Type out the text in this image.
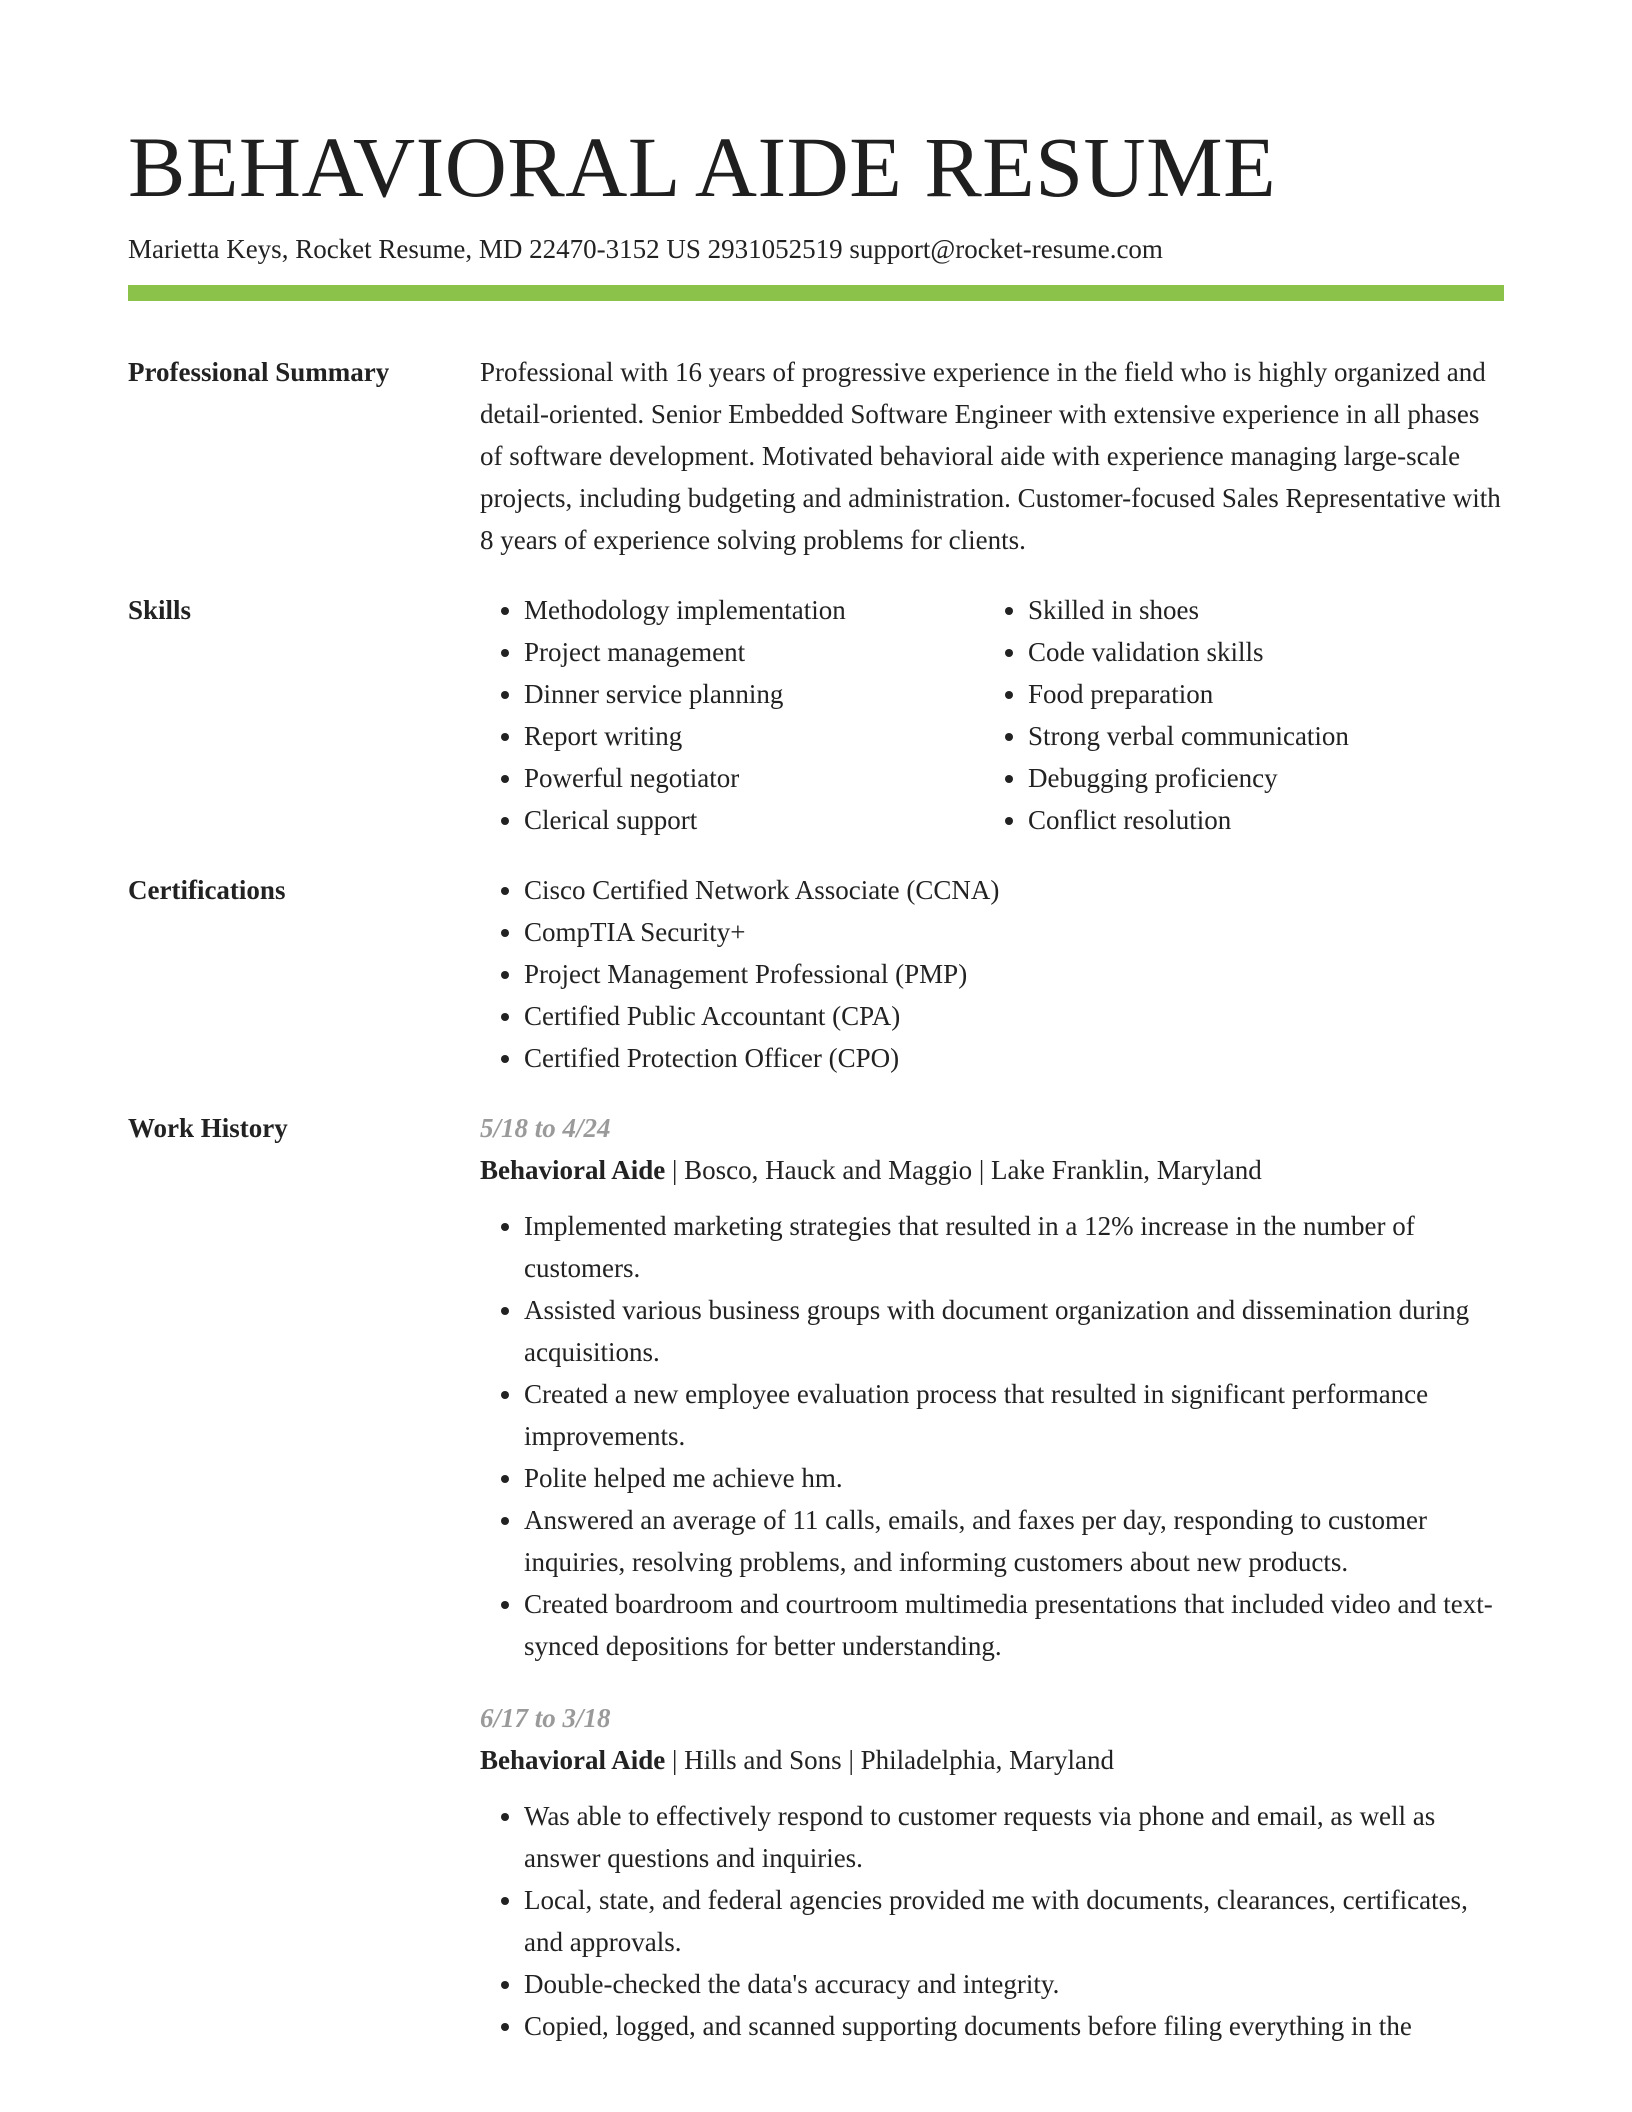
BEHAVIORAL AIDE RESUME
Marietta Keys, Rocket Resume, MD 22470-3152 US 2931052519 support@rocket-resume.com
Professional Summary	Professional with 16 years of progressive experience in the field who is highly organized and detail-oriented. Senior Embedded Software Engineer with extensive experience in all phases of software development. Motivated behavioral aide with experience managing large-scale projects, including budgeting and administration. Customer-focused Sales Representative with 8 years of experience solving problems for clients.

Skills	• Methodology implementation
• Project management
• Dinner service planning
• Report writing
• Powerful negotiator
• Clerical support
• Skilled in shoes
• Code validation skills
• Food preparation
• Strong verbal communication
• Debugging proficiency
• Conflict resolution
Certifications	• Cisco Certified Network Associate (CCNA)
• CompTIA Security+
• Project Management Professional (PMP)
• Certified Public Accountant (CPA)
• Certified Protection Officer (CPO)
Work History	5/18 to 4/24
Behavioral Aide | Bosco, Hauck and Maggio | Lake Franklin, Maryland
• Implemented marketing strategies that resulted in a 12% increase in the number of customers.
• Assisted various business groups with document organization and dissemination during acquisitions.
• Created a new employee evaluation process that resulted in significant performance improvements.
• Polite helped me achieve hm.
• Answered an average of 11 calls, emails, and faxes per day, responding to customer inquiries, resolving problems, and informing customers about new products.
• Created boardroom and courtroom multimedia presentations that included video and text-synced depositions for better understanding.
6/17 to 3/18
Behavioral Aide | Hills and Sons | Philadelphia, Maryland
• Was able to effectively respond to customer requests via phone and email, as well as answer questions and inquiries.
• Local, state, and federal agencies provided me with documents, clearances, certificates, and approvals.
• Double-checked the data's accuracy and integrity.
• Copied, logged, and scanned supporting documents before filing everything in the
